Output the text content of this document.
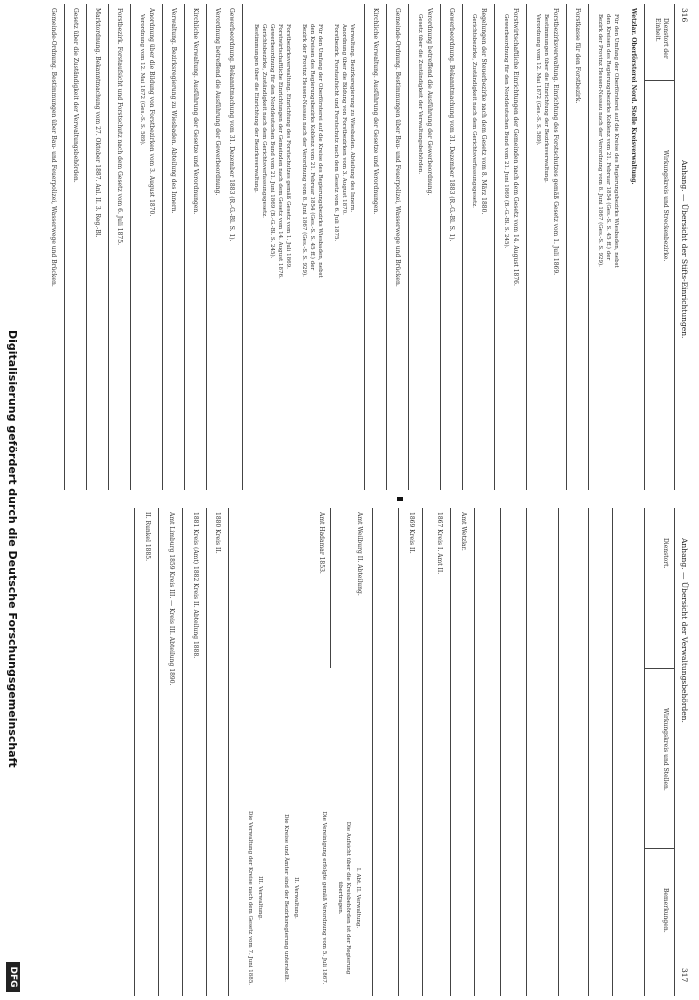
316
Anhang. — Übersicht der Stifts-Einrichtungen.
Dienstort der Einheit.
Wirkungskreis und Streckenbezirke.
Wetzlar. Oberförsterei Nord. Stelle Kreisverwaltung.
Für den Umfang der Oberförsterei auf die Kreise des Regierungsbezirks Wiesbaden, nebst
den Kreisen des Regierungsbezirks Koblenz vom 21. Februar 1854 (Ges.-S. S. 45 ff.) der
Bezirk der Provinz Hessen-Nassau nach der Verordnung vom 8. Juni 1867 (Ges.-S. S. 929).
Forstkasse für den Forstbezirk.
Forstbezirksverwaltung. Einrichtung des Forstschutzes gemäß Gesetz vom 1. Juli 1869.
Bestimmungen über die Einrichtung der Bezirksverwaltung.
Verordnung vom 12. Mai 1872 (Ges.-S. S. 589).
Forstwirtschaftliche Einrichtungen der Gemeinden nach dem Gesetz vom 14. August 1876.
Gewerbeordnung für den Norddeutschen Bund vom 21. Juni 1869 (B.-G.-Bl. S. 245).
Regelungen der Steuerbezirke nach dem Gesetz vom 8. März 1880.
Gerichtsbezirke, Zuständigkeit nach dem Gerichtsverfassungsgesetz.
Gewerbeordnung. Bekanntmachung vom 31. Dezember 1883 (R.-G.-Bl. S. 1).
Verordnung betreffend die Ausführung der Gewerbeordnung.
Gesetz über die Zuständigkeit der Verwaltungsbehörden.
Gemeinde-Ordnung. Bestimmungen über Bau- und Feuerpolizei, Wasserwege und Brücken.
Kirchliche Verwaltung. Ausführung der Gesetze und Verordnungen.
Verwaltung. Bezirksregierung zu Wiesbaden. Abteilung des Innern.
Anordnung über die Bildung von Forstbezirken vom 3. August 1870.
Forstbezirk. Forstaufsicht und Forstschutz nach dem Gesetz vom 6. Juli 1875.
Für den Umfang der Oberförsterei auf die Kreise des Regierungsbezirks Wiesbaden, nebst
den Kreisen des Regierungsbezirks Koblenz vom 21. Februar 1854 (Ges.-S. S. 45 ff.) der
Bezirk der Provinz Hessen-Nassau nach der Verordnung vom 8. Juni 1867 (Ges.-S. S. 929).
Forstbezirksverwaltung. Einrichtung des Forstschutzes gemäß Gesetz vom 1. Juli 1869.
Forstwirtschaftliche Einrichtungen der Gemeinden nach dem Gesetz vom 14. August 1876.
Gewerbeordnung für den Norddeutschen Bund vom 21. Juni 1869 (B.-G.-Bl. S. 245).
Gerichtsbezirke, Zuständigkeit nach dem Gerichtsverfassungsgesetz.
Bestimmungen über die Einrichtung der Bezirksverwaltung.
Gewerbeordnung. Bekanntmachung vom 31. Dezember 1883 (R.-G.-Bl. S. 1).
Verordnung betreffend die Ausführung der Gewerbeordnung.
Kirchliche Verwaltung. Ausführung der Gesetze und Verordnungen.
Verwaltung. Bezirksregierung zu Wiesbaden. Abteilung des Innern.
Anordnung über die Bildung von Forstbezirken vom 3. August 1870.
Verordnung vom 12. Mai 1872 (Ges.-S. S. 589).
Forstbezirk. Forstaufsicht und Forstschutz nach dem Gesetz vom 6. Juli 1875.
Marktordnung. Bekanntmachung vom 27. Oktober 1887. Anl. II. 3. Reg.-Bl.
Gesetz über die Zuständigkeit der Verwaltungsbehörden.
Gemeinde-Ordnung. Bestimmungen über Bau- und Feuerpolizei, Wasserwege und Brücken.
Anhang. — Übersicht der Verwaltungsbehörden.
317
Dienstort.
Wirkungskreis und Stellen.
Bemerkungen.
Amt Wetzlar.
1867 Kreis I. Amt II.
1869 Kreis II.
Amt Weilburg II. Abteilung.
I. Abt. II. Verwaltung.
Die Aufsicht über die Kreisbehörden ist der Regierung übertragen.
Die Vereinigung erfolgte gemäß Verordnung vom 5. Juli 1867.
II. Verwaltung.
Die Kreise und Ämter sind der Bezirksregierung unterstellt.
III. Verwaltung.
Die Verwaltung der Kreise nach dem Gesetz vom 7. Juni 1885.
Amt Hadamar 1853.
1880 Kreis II.
1881 Kreis (Amt) 1882 Kreis II. Abteilung 1888.
Amt Limburg 1859 Kreis III. — Kreis III. Abteilung 1890.
II. Runkel 1885.
Digitalisierung gefördert durch die Deutsche Forschungsgemeinschaft
DFG
